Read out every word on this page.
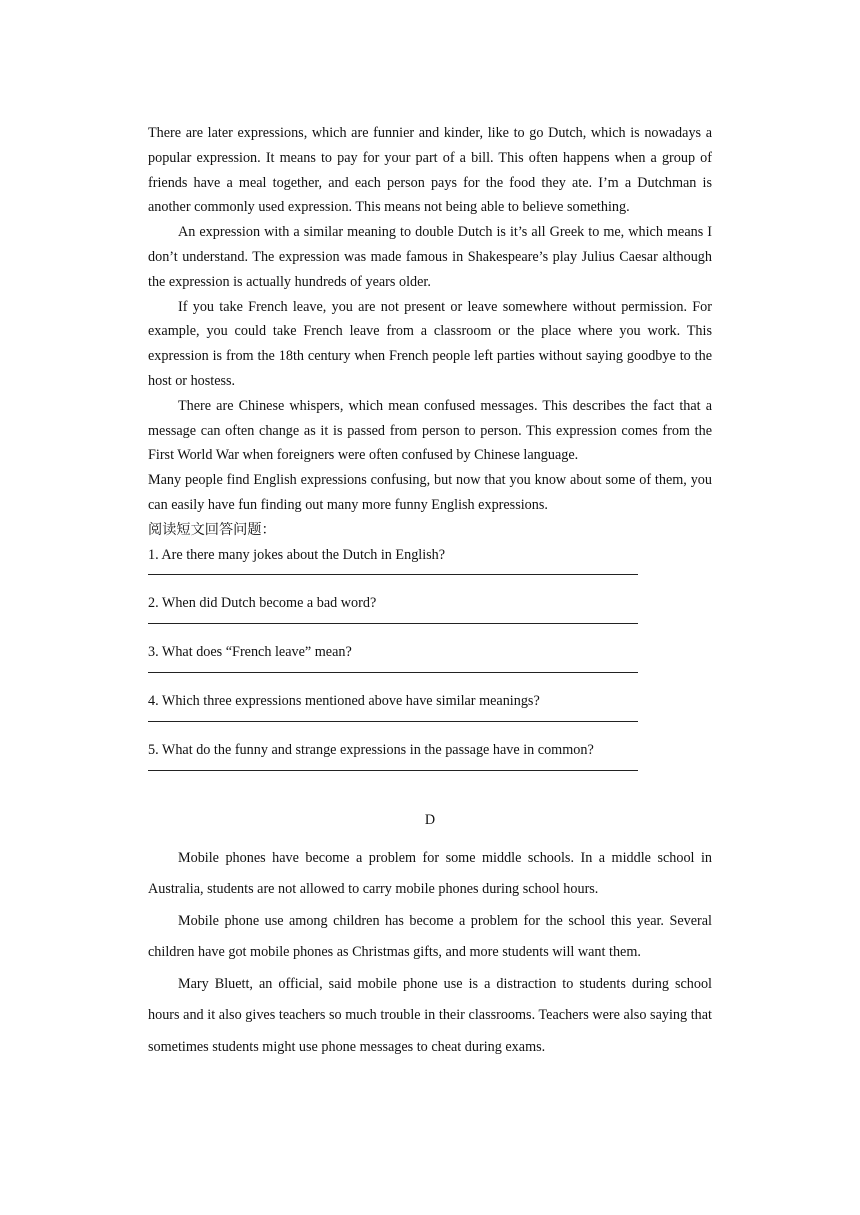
There are later expressions, which are funnier and kinder, like to go Dutch, which is nowadays a popular expression. It means to pay for your part of a bill. This often happens when a group of friends have a meal together, and each person pays for the food they ate. I’m a Dutchman is another commonly used expression. This means not being able to believe something.

An expression with a similar meaning to double Dutch is it’s all Greek to me, which means I don’t understand. The expression was made famous in Shakespeare’s play Julius Caesar although the expression is actually hundreds of years older.

If you take French leave, you are not present or leave somewhere without permission. For example, you could take French leave from a classroom or the place where you work. This expression is from the 18th century when French people left parties without saying goodbye to the host or hostess.

There are Chinese whispers, which mean confused messages. This describes the fact that a message can often change as it is passed from person to person. This expression comes from the First World War when foreigners were often confused by Chinese language.

Many people find English expressions confusing, but now that you know about some of them, you can easily have fun finding out many more funny English expressions.

阅读短文回答问题：

1. Are there many jokes about the Dutch in English?

2. When did Dutch become a bad word?

3. What does “French leave” mean?

4. Which three expressions mentioned above have similar meanings?

5. What do the funny and strange expressions in the passage have in common?

D

Mobile phones have become a problem for some middle schools. In a middle school in Australia, students are not allowed to carry mobile phones during school hours.

Mobile phone use among children has become a problem for the school this year. Several children have got mobile phones as Christmas gifts, and more students will want them.

Mary Bluett, an official, said mobile phone use is a distraction to students during school hours and it also gives teachers so much trouble in their classrooms. Teachers were also saying that sometimes students might use phone messages to cheat during exams.
